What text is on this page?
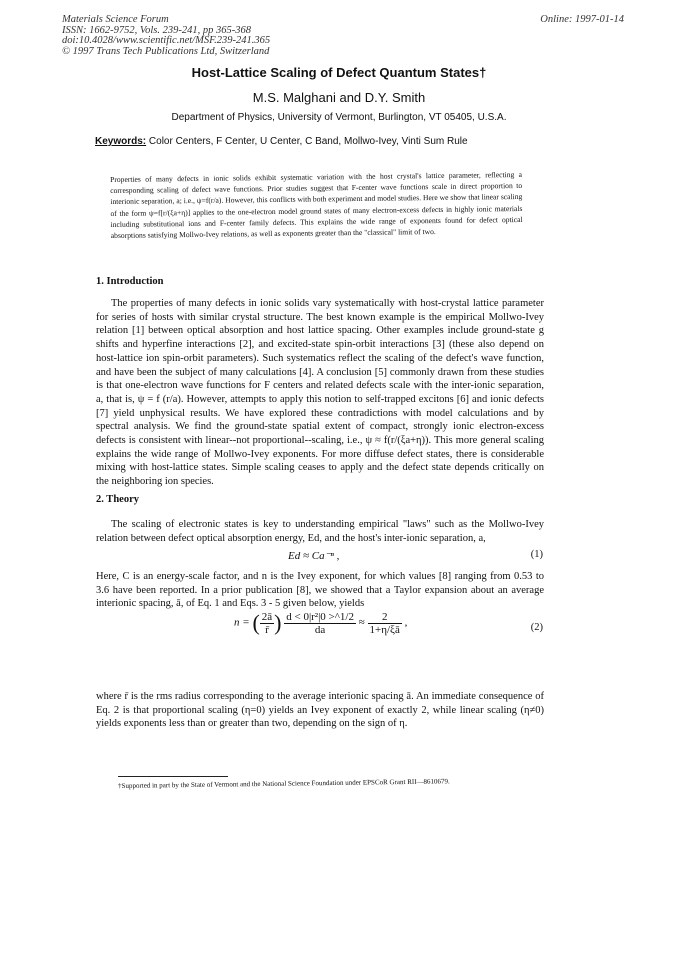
Materials Science Forum
ISSN: 1662-9752, Vols. 239-241, pp 365-368
doi:10.4028/www.scientific.net/MSF.239-241.365
© 1997 Trans Tech Publications Ltd, Switzerland
Online: 1997-01-14
Host-Lattice Scaling of Defect Quantum States†
M.S. Malghani and D.Y. Smith
Department of Physics, University of Vermont, Burlington, VT 05405, U.S.A.
Keywords: Color Centers, F Center, U Center, C Band, Mollwo-Ivey, Vinti Sum Rule
Properties of many defects in ionic solids exhibit systematic variation with the host crystal's lattice parameter, reflecting a corresponding scaling of defect wave functions. Prior studies suggest that F-center wave functions scale in direct proportion to interionic separation, a; i.e., ψ=f(r/a). However, this conflicts with both experiment and model studies. Here we show that linear scaling of the form ψ=f[r/(ξa+η)] applies to the one-electron model ground states of many electron-excess defects in highly ionic materials including substitutional ions and F-center family defects. This explains the wide range of exponents found for defect optical absorptions satisfying Mollwo-Ivey relations, as well as exponents greater than the "classical" limit of two.
1. Introduction

The properties of many defects in ionic solids vary systematically with host-crystal lattice parameter for series of hosts with similar crystal structure. The best known example is the empirical Mollwo-Ivey relation [1] between optical absorption and host lattice spacing. Other examples include ground-state g shifts and hyperfine interactions [2], and excited-state spin-orbit interactions [3] (these also depend on host-lattice ion spin-orbit parameters). Such systematics reflect the scaling of the defect's wave function, and have been the subject of many calculations [4]. A conclusion [5] commonly drawn from these studies is that one-electron wave functions for F centers and related defects scale with the inter-ionic separation, a, that is, ψ = f (r/a). However, attempts to apply this notion to self-trapped excitons [6] and ionic defects [7] yield unphysical results. We have explored these contradictions with model calculations and by spectral analysis. We find the ground-state spatial extent of compact, strongly ionic electron-excess defects is consistent with linear--not proportional--scaling, i.e., ψ ≈ f(r/(ξa+η)). This more general scaling explains the wide range of Mollwo-Ivey exponents. For more diffuse defect states, there is considerable mixing with host-lattice states. Simple scaling ceases to apply and the defect state depends critically on the neighboring ion species.

2. Theory

The scaling of electronic states is key to understanding empirical "laws" such as the Mollwo-Ivey relation between defect optical absorption energy, Ed, and the host's inter-ionic separation, a,

Ed ≈ Ca⁻ⁿ ,	(1)

Here, C is an energy-scale factor, and n is the Ivey exponent, for which values [8] ranging from 0.53 to 3.6 have been reported. In a prior publication [8], we showed that a Taylor expansion about an average interionic spacing, ā, of Eq. 1 and Eqs. 3 - 5 given below, yields

n = ( $\frac{2ā}{r̄}$ ) $\frac{\text{d < 0|r²|0 >\textasciicircum{}1/2}}{da} \approx \frac{2}{1+\eta/\xi ā}$ ,	(2)

where r̄ is the rms radius corresponding to the average interionic spacing ā. An immediate consequence of Eq. 2 is that proportional scaling (η=0) yields an Ivey exponent of exactly 2, while linear scaling (η≠0) yields exponents less than or greater than two, depending on the sign of η.

†Supported in part by the State of Vermont and the National Science Foundation under EPSCoR Grant RII—8610679.
